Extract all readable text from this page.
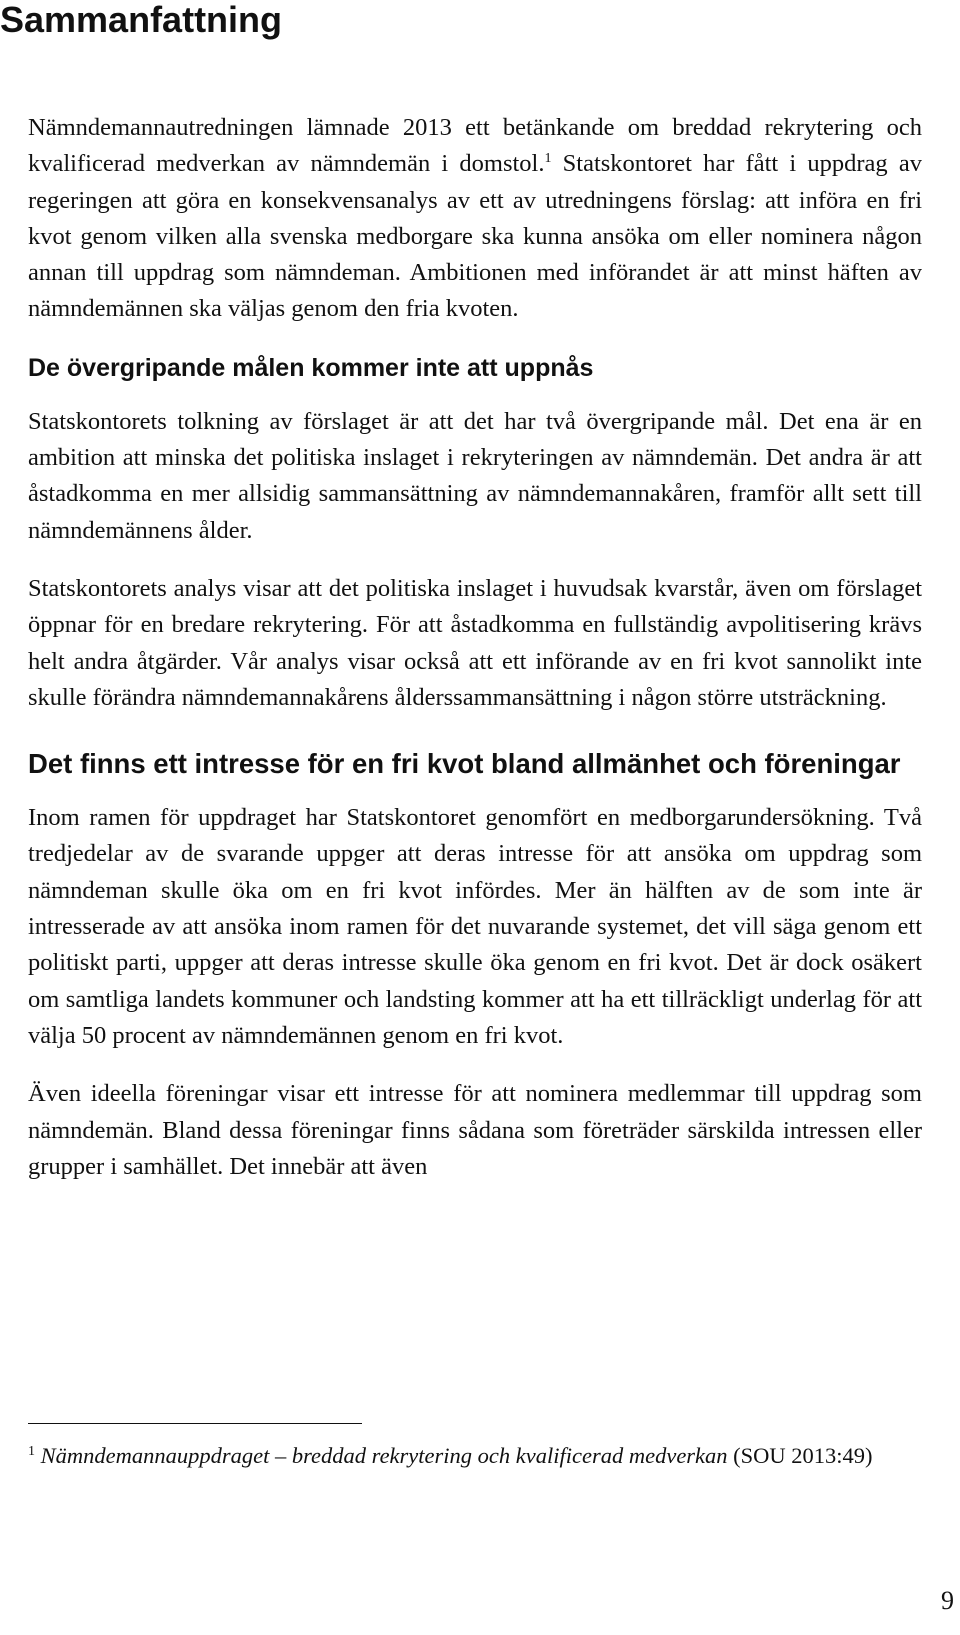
Sammanfattning

Nämndemannautredningen lämnade 2013 ett betänkande om breddad rekrytering och kvalificerad medverkan av nämndemän i domstol.$^1$ Statskontoret har fått i uppdrag av regeringen att göra en konsekvensanalys av ett av utredningens förslag: att införa en fri kvot genom vilken alla svenska medborgare ska kunna ansöka om eller nominera någon annan till uppdrag som nämndeman. Ambitionen med införandet är att minst häften av nämndemännen ska väljas genom den fria kvoten.

De övergripande målen kommer inte att uppnås

Statskontorets tolkning av förslaget är att det har två övergripande mål. Det ena är en ambition att minska det politiska inslaget i rekryteringen av nämndemän. Det andra är att åstadkomma en mer allsidig sammansättning av nämndemannakåren, framför allt sett till nämndemännens ålder.

Statskontorets analys visar att det politiska inslaget i huvudsak kvarstår, även om förslaget öppnar för en bredare rekrytering. För att åstadkomma en fullständig avpolitisering krävs helt andra åtgärder. Vår analys visar också att ett införande av en fri kvot sannolikt inte skulle förändra nämndemannakårens ålderssammansättning i någon större utsträckning.

Det finns ett intresse för en fri kvot bland allmänhet och föreningar

Inom ramen för uppdraget har Statskontoret genomfört en medborgarundersökning. Två tredjedelar av de svarande uppger att deras intresse för att ansöka om uppdrag som nämndeman skulle öka om en fri kvot infördes. Mer än hälften av de som inte är intresserade av att ansöka inom ramen för det nuvarande systemet, det vill säga genom ett politiskt parti, uppger att deras intresse skulle öka genom en fri kvot. Det är dock osäkert om samtliga landets kommuner och landsting kommer att ha ett tillräckligt underlag för att välja 50 procent av nämndemännen genom en fri kvot.

Även ideella föreningar visar ett intresse för att nominera medlemmar till uppdrag som nämndemän. Bland dessa föreningar finns sådana som företräder särskilda intressen eller grupper i samhället. Det innebär att även

$^1$ Nämndemannauppdraget – breddad rekrytering och kvalificerad medverkan (SOU 2013:49)

9
